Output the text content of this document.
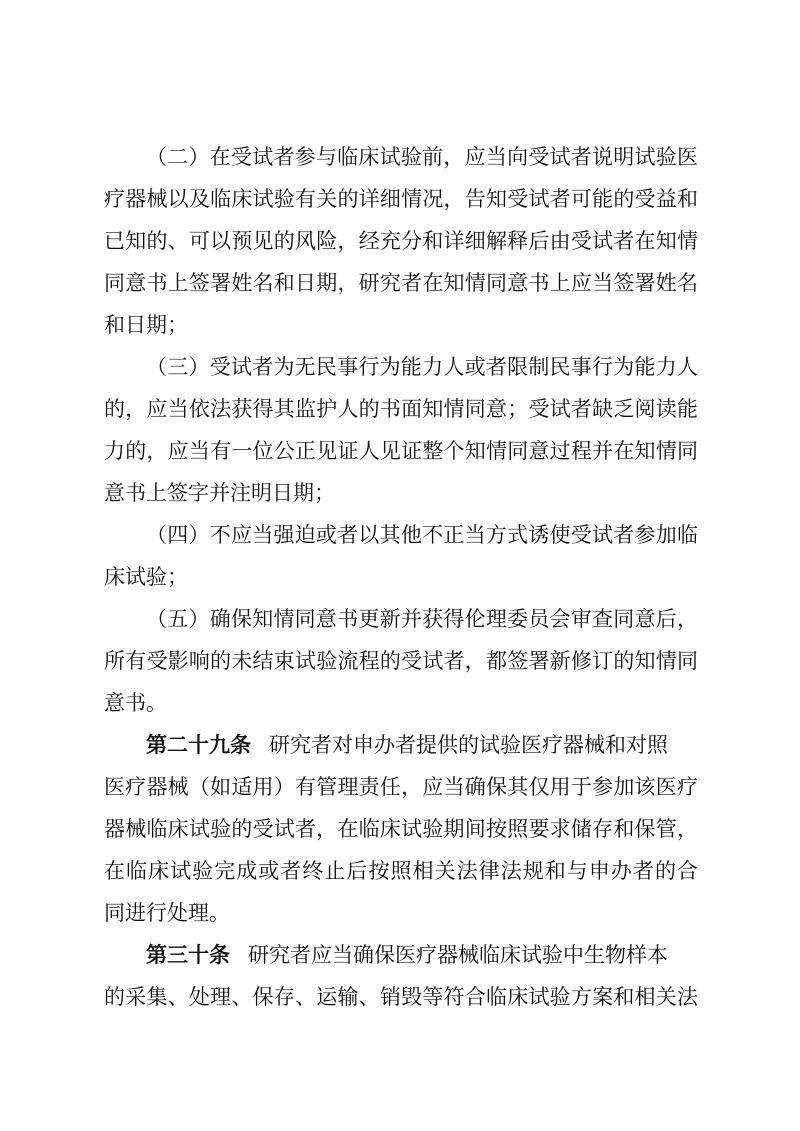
（二）在受试者参与临床试验前，应当向受试者说明试验医
疗器械以及临床试验有关的详细情况，告知受试者可能的受益和
已知的、可以预见的风险，经充分和详细解释后由受试者在知情
同意书上签署姓名和日期，研究者在知情同意书上应当签署姓名
和日期；
（三）受试者为无民事行为能力人或者限制民事行为能力人
的，应当依法获得其监护人的书面知情同意；受试者缺乏阅读能
力的，应当有一位公正见证人见证整个知情同意过程并在知情同
意书上签字并注明日期；
（四）不应当强迫或者以其他不正当方式诱使受试者参加临
床试验；
（五）确保知情同意书更新并获得伦理委员会审查同意后，
所有受影响的未结束试验流程的受试者，都签署新修订的知情同
意书。
第二十九条 研究者对申办者提供的试验医疗器械和对照
医疗器械（如适用）有管理责任，应当确保其仅用于参加该医疗
器械临床试验的受试者，在临床试验期间按照要求储存和保管，
在临床试验完成或者终止后按照相关法律法规和与申办者的合
同进行处理。
第三十条 研究者应当确保医疗器械临床试验中生物样本
的采集、处理、保存、运输、销毁等符合临床试验方案和相关法
